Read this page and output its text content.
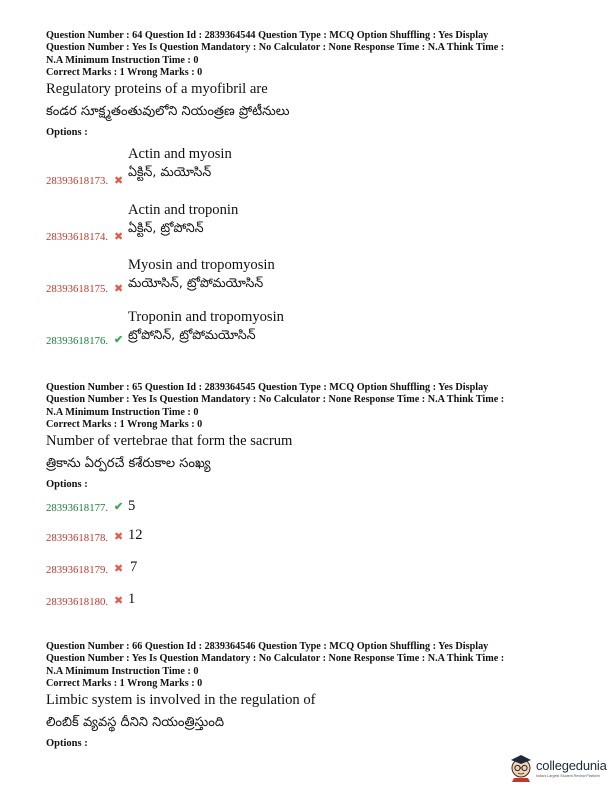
Question Number : 64 Question Id : 2839364544 Question Type : MCQ Option Shuffling : Yes Display

Question Number : Yes Is Question Mandatory : No Calculator : None Response Time : N.A Think Time :

N.A Minimum Instruction Time : 0

Correct Marks : 1 Wrong Marks : 0

Regulatory proteins of a myofibril are

కండర సూక్ష్మతంతువులోని నియంత్రణ ప్రోటీనులు

Options :

Actin and myosin
28393618173. ✖
ఏక్టిన్, మయోసిన్
Actin and troponin
28393618174. ✖
ఏక్టిన్, ట్రోపోనిన్
Myosin and tropomyosin
28393618175. ✖ మయోసిన్, ట్రోపోమయోసిన్
Troponin and tropomyosin
28393618176. ✔ ట్రోపోనిన్, ట్రోపోమయోసిన్

Question Number : 65 Question Id : 2839364545 Question Type : MCQ Option Shuffling : Yes Display

Question Number : Yes Is Question Mandatory : No Calculator : None Response Time : N.A Think Time :

N.A Minimum Instruction Time : 0

Correct Marks : 1 Wrong Marks : 0

Number of vertebrae that form the sacrum

త్రికాను ఏర్పరచే కశేరుకాల సంఖ్య

Options :

28393618177. ✔ 5
28393618178. ✖ 12
28393618179. ✖ 7
28393618180. ✖ 1

Question Number : 66 Question Id : 2839364546 Question Type : MCQ Option Shuffling : Yes Display

Question Number : Yes Is Question Mandatory : No Calculator : None Response Time : N.A Think Time :

N.A Minimum Instruction Time : 0

Correct Marks : 1 Wrong Marks : 0

Limbic system is involved in the regulation of

లింబిక్ వ్యవస్థ దీనిని నియంత్రిస్తుంది

Options :

collegedunia
India's Largest Student Review Platform
